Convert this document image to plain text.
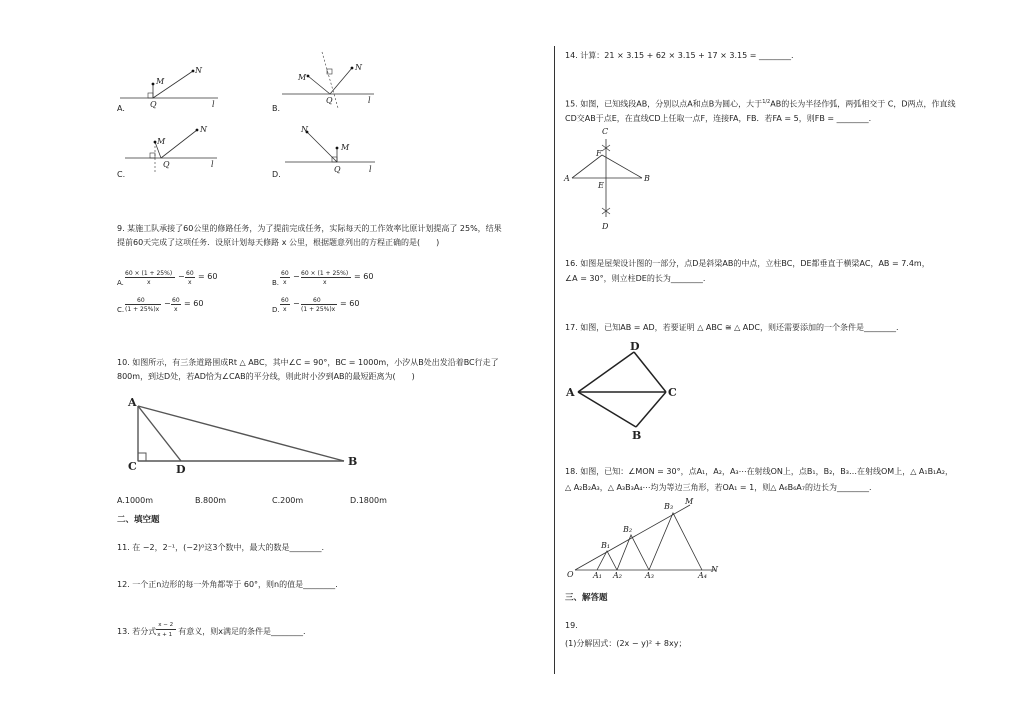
M
N
Q	l
A.
N
M
Q	l
B.
M
N
Q	l
C.
M
N
Q	l
D.
9. 某施工队承接了60公里的修路任务，为了提前完成任务，实际每天的工作效率比原计划提高了 25%，结果
提前60天完成了这项任务．设原计划每天修路 x 公里，根据题意列出的方程正确的是(　　)
A.
60 × (1 + 25%)
x
− 60
x
= 60
B.
60
x
− 60 × (1 + 25%)
x
= 60
C.
60
(1 + 25%)x
− 60
x
= 60
D.
60
x
− 60
(1 + 25%)x
= 60
10. 如图所示，有三条道路围成Rt △ ABC，其中∠C = 90°，BC = 1000m，小汐从B处出发沿着BC行走了
800m，到达D处，若AD恰为∠CAB的平分线，则此时小汐到AB的最短距离为(　　)
A
C	D
B
A.1000m	B.800m	C.200m	D.1800m
二、填空题
11. 在 −2，2⁻¹，(−2)⁰这3个数中，最大的数是________.
12. 一个正n边形的每一外角都等于 60°，则n的值是________.
13. 若分式 $\frac{x - 2}{x + 1}$ 有意义，则x满足的条件是________.
14. 计算：21 × 3.15 + 62 × 3.15 + 17 × 3.15 = ________.
15. 如图，已知线段AB，分别以点A和点B为圆心，大于$^{1/2}$AB的长为半径作弧，两弧相交于 C，D两点，作直线
CD交AB于点E，在直线CD上任取一点F，连接FA，FB．若FA = 5，则FB = ________.
C
F
A
E
B
D
16. 如图是屋架设计图的一部分，点D是斜梁AB的中点，立柱BC，DE都垂直于横梁AC，AB = 7.4m，
∠A = 30°，则立柱DE的长为________.
17. 如图，已知AB = AD，若要证明 △ ABC ≅ △ ADC，则还需要添加的一个条件是________.
D
A	C
B
18. 如图，已知：∠MON = 30°，点A₁，A₂，A₃⋯在射线ON上，点B₁，B₂，B₃…在射线OM上，△ A₁B₁A₂，
△ A₂B₂A₃，△ A₃B₃A₄⋯均为等边三角形，若OA₁ = 1，则△ A₆B₆A₇的边长为________.
O
N
M
A₁ A₂	A₃	A₄
B₁
B₂
B₃
三、解答题
19.
(1)分解因式：(2x − y)² + 8xy；
